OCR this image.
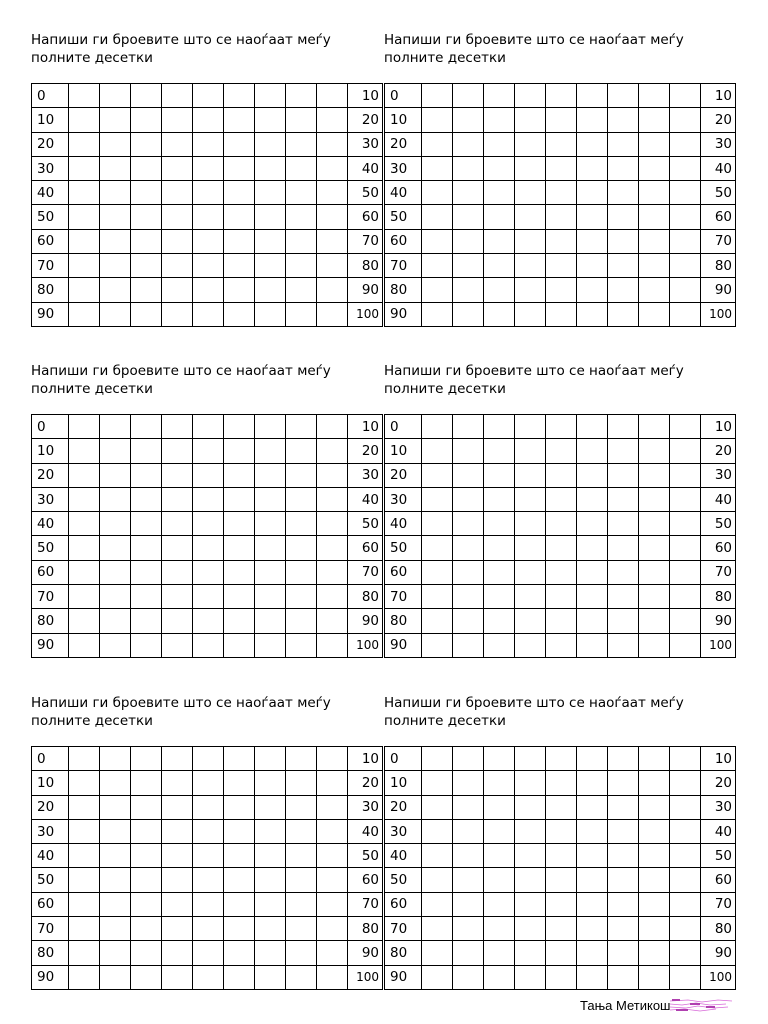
Напиши ги броевите што се наоѓаат меѓу
полните десетки
0										10
10										20
20										30
30										40
40										50
50										60
60										70
70										80
80										90
90										100
Напиши ги броевите што се наоѓаат меѓу
полните десетки
0										10
10										20
20										30
30										40
40										50
50										60
60										70
70										80
80										90
90										100
Напиши ги броевите што се наоѓаат меѓу
полните десетки
0										10
10										20
20										30
30										40
40										50
50										60
60										70
70										80
80										90
90										100
Напиши ги броевите што се наоѓаат меѓу
полните десетки
0										10
10										20
20										30
30										40
40										50
50										60
60										70
70										80
80										90
90										100
Напиши ги броевите што се наоѓаат меѓу
полните десетки
0										10
10										20
20										30
30										40
40										50
50										60
60										70
70										80
80										90
90										100
Напиши ги броевите што се наоѓаат меѓу
полните десетки
0										10
10										20
20										30
30										40
40										50
50										60
60										70
70										80
80										90
90										100
Тања Метикош
